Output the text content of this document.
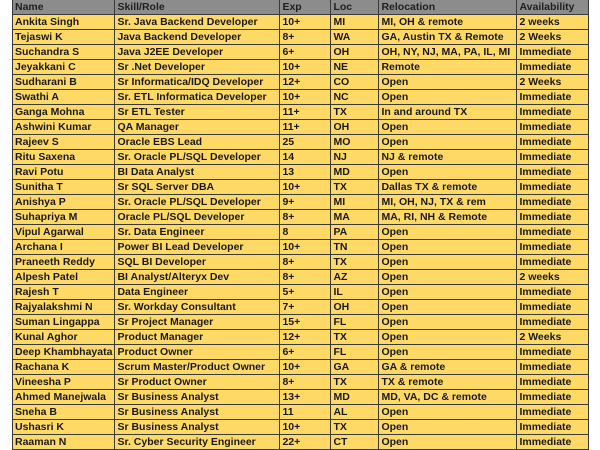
Name	Skill/Role	Exp	Loc	Relocation	Availability
Ankita Singh	Sr. Java Backend Developer	10+	MI	MI, OH & remote	2 weeks
Tejaswi K	Java Backend Developer	8+	WA	GA, Austin TX & Remote	2 Weeks
Suchandra S	Java J2EE Developer	6+	OH	OH, NY, NJ, MA, PA, IL, MI	Immediate
Jeyakkani C	Sr .Net Developer	10+	NE	Remote	Immediate
Sudharani B	Sr Informatica/IDQ Developer	12+	CO	Open	2 Weeks
Swathi A	Sr. ETL Informatica Developer	10+	NC	Open	Immediate
Ganga Mohna	Sr ETL Tester	11+	TX	In and around TX	Immediate
Ashwini Kumar	QA Manager	11+	OH	Open	Immediate
Rajeev S	Oracle EBS Lead	25	MO	Open	Immediate
Ritu Saxena	Sr. Oracle PL/SQL Developer	14	NJ	NJ & remote	Immediate
Ravi Potu	BI Data Analyst	13	MD	Open	Immediate
Sunitha T	Sr SQL Server DBA	10+	TX	Dallas TX & remote	Immediate
Anishya P	Sr. Oracle PL/SQL Developer	9+	MI	MI, OH, NJ, TX & rem	Immediate
Suhapriya M	Oracle PL/SQL Developer	8+	MA	MA, RI, NH & Remote	Immediate
Vipul Agarwal	Sr. Data Engineer	8	PA	Open	Immediate
Archana I	Power BI Lead Developer	10+	TN	Open	Immediate
Praneeth Reddy	SQL BI Developer	8+	TX	Open	Immediate
Alpesh Patel	BI Analyst/Alteryx Dev	8+	AZ	Open	2 weeks
Rajesh T	Data Engineer	5+	IL	Open	Immediate
Rajyalakshmi N	Sr. Workday Consultant	7+	OH	Open	Immediate
Suman Lingappa	Sr Project Manager	15+	FL	Open	Immediate
Kunal Aghor	Product Manager	12+	TX	Open	2 Weeks
Deep Khambhayata	Product Owner	6+	FL	Open	Immediate
Rachana K	Scrum Master/Product Owner	10+	GA	GA & remote	Immediate
Vineesha P	Sr Product Owner	8+	TX	TX & remote	Immediate
Ahmed Manejwala	Sr Business Analyst	13+	MD	MD, VA, DC & remote	Immediate
Sneha B	Sr Business Analyst	11	AL	Open	Immediate
Ushasri K	Sr Business Analyst	10+	TX	Open	Immediate
Raaman N	Sr. Cyber Security Engineer	22+	CT	Open	Immediate
